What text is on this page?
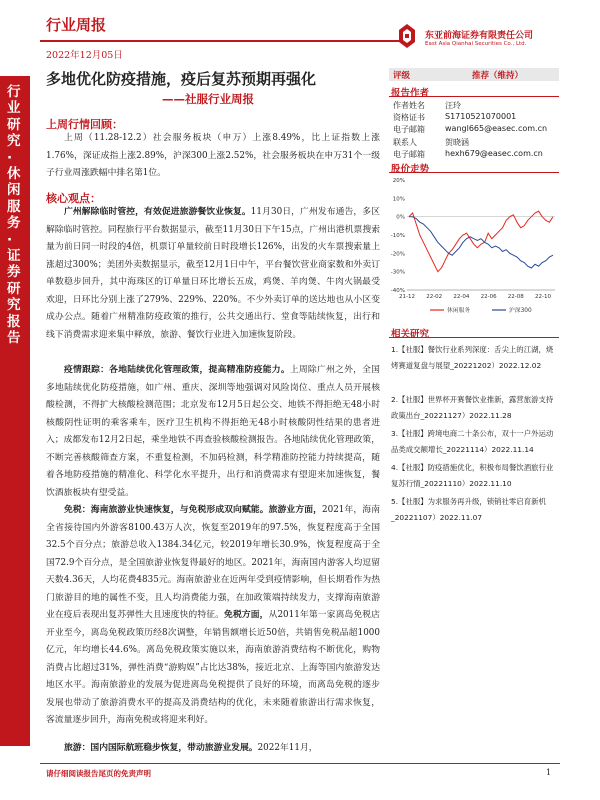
行业周报
2022年12月05日
东亚前海证券有限责任公司
East Asia Qianhai Securities Co., Ltd.
行业研究·休闲服务·证券研究报告
多地优化防疫措施，疫后复苏预期再强化
——社服行业周报
上周行情回顾：
上周（11.28-12.2）社会服务板块（申万）上涨8.49%，比上证指数上涨1.76%，深证成指上涨2.89%，沪深300上涨2.52%，社会服务板块在申万31个一级子行业周涨跌幅中排名第1位。
核心观点：
广州解除临时管控，有效促进旅游餐饮业恢复。11月30日，广州发布通告，多区解除临时管控。同程旅行平台数据显示，截至11月30日下午15点，广州出港机票搜索量为前日同一时段的4倍，机票订单量较前日时段增长126%，出发的火车票搜索量上涨超过300%；美团外卖数据显示，截至12月1日中午，平台餐饮营业商家数和外卖订单数稳步回升，其中海珠区的订单量日环比增长五成，鸡煲、羊肉煲、牛肉火锅最受欢迎，日环比分别上涨了279%、229%、220%。不少外卖订单的送达地也从小区变成办公点。随着广州精准防疫政策的推行，公共交通出行、堂食等陆续恢复，出行和线下消费需求迎来集中释放，旅游、餐饮行业进入加速恢复阶段。
疫情跟踪：各地陆续优化管理政策，提高精准防疫能力。上周除广州之外，全国多地陆续优化防疫措施，如广州、重庆、深圳等地强调对风险岗位、重点人员开展核酸检测，不得扩大核酸检测范围；北京发布12月5日起公交、地铁不得拒绝无48小时核酸阴性证明的乘客乘车，医疗卫生机构不得拒绝无48小时核酸阴性结果的患者进入；成都发布12月2日起，乘坐地铁不再查验核酸检测报告。各地陆续优化管理政策，不断完善核酸筛查方案，不重复检测，不加码检测，科学精准防控能力持续提高，随着各地防疫措施的精准化、科学化水平提升，出行和消费需求有望迎来加速恢复，餐饮酒旅板块有望受益。
免税：海南旅游业快速恢复，与免税形成双向赋能。旅游业方面，2021年，海南全省接待国内外游客8100.43万人次，恢复至2019年的97.5%，恢复程度高于全国32.5个百分点；旅游总收入1384.34亿元，较2019年增长30.9%，恢复程度高于全国72.9个百分点，是全国旅游业恢复得最好的地区。2021年，海南国内游客人均逗留天数4.36天，人均花费4835元。海南旅游业在近两年受到疫情影响，但长期看作为热门旅游目的地的属性不变，且人均消费能力强，在加政策端持续发力，支撑海南旅游业在疫后表现出复苏弹性大且速度快的特征。免税方面，从2011年第一家离岛免税店开业至今，离岛免税政策历经8次调整，年销售额增长近50倍，共销售免税品超1000亿元，年均增长44.6%。离岛免税政策实施以来，海南旅游消费结构不断优化，购物消费占比超过31%，弹性消费“游购娱”占比达38%，接近北京、上海等国内旅游发达地区水平。海南旅游业的发展为促进离岛免税提供了良好的环境，而离岛免税的逐步发展也带动了旅游消费水平的提高及消费结构的优化，未来随着旅游出行需求恢复，客流量逐步回升，海南免税或将迎来利好。
旅游：国内国际航班稳步恢复，带动旅游业发展。2022年11月，
评级	推荐（维持）
报告作者
作者姓名	汪玲
资格证书	S1710521070001
电子邮箱	wangl665@easec.com.cn
联系人	贺晓涵
电子邮箱	hexh679@easec.com.cn
股价走势
20%
10%
0%
-10%
-20%
-30%
-40%
21-12 22-02 22-04 22-06 22-08 22-10
休闲服务	沪深300
相关研究
1.【社服】餐饮行业系列深度：舌尖上的江湖，烧烤赛道复盘与展望_20221202）2022.12.02
2.【社服】世界杯开赛餐饮业推新，露营旅游支持政策出台_20221127）2022.11.28
3.【社服】跨境电商二十条公布，双十一户外运动品类成交额增长_20221114）2022.11.14
4.【社服】防疫措施优化，积极布局餐饮酒旅行业复苏行情_20221110）2022.11.10
5.【社服】为求服务再升级，锁销社零启育新机_20221107）2022.11.07
请仔细阅读报告尾页的免责声明	1
